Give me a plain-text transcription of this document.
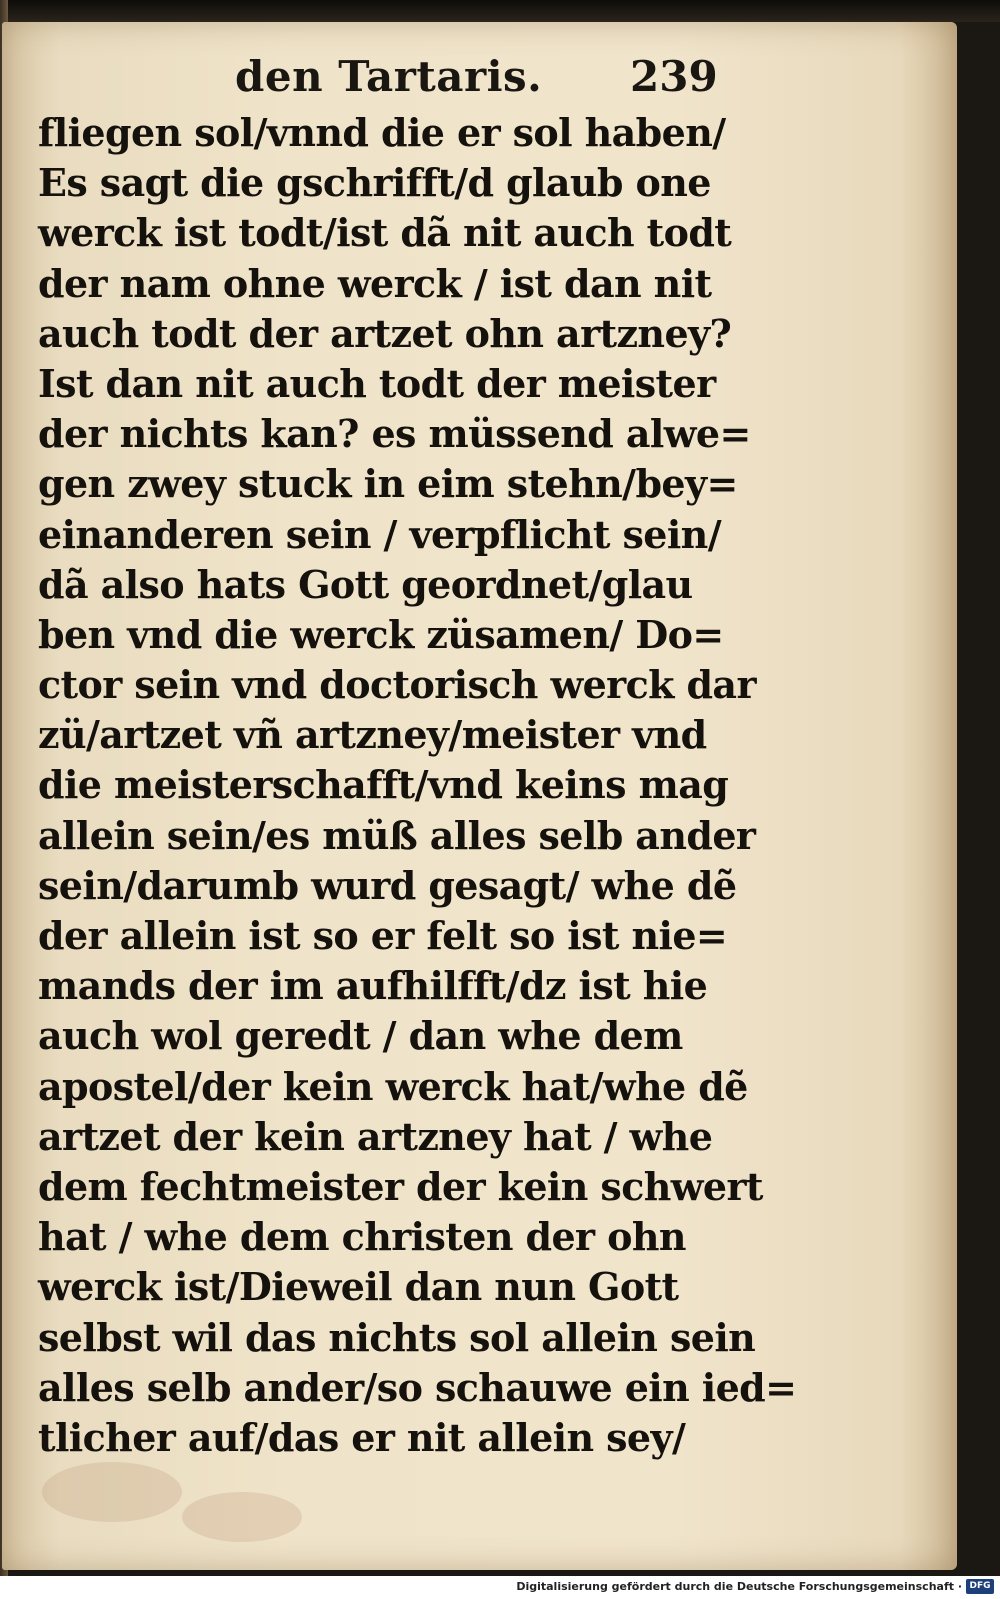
den Tartaris. 239
fliegen sol/vnnd die er sol haben/
Es sagt die gschrifft/d glaub one
werck ist todt/ist dã nit auch todt
der nam ohne werck / ist dan nit
auch todt der artzet ohn artzney?
Ist dan nit auch todt der meister
der nichts kan? es müssend alwe=
gen zwey stuck in eim stehn/bey=
einanderen sein / verpflicht sein/
dã also hats Gott geordnet/glau
ben vnd die werck züsamen/ Do=
ctor sein vnd doctorisch werck dar
zü/artzet vñ artzney/meister vnd
die meisterschafft/vnd keins mag
allein sein/es müß alles selb ander
sein/darumb wurd gesagt/ whe dẽ
der allein ist so er felt so ist nie=
mands der im aufhilfft/dz ist hie
auch wol geredt / dan whe dem
apostel/der kein werck hat/whe dẽ
artzet der kein artzney hat / whe
dem fechtmeister der kein schwert
hat / whe dem christen der ohn
werck ist/Dieweil dan nun Gott
selbst wil das nichts sol allein sein
alles selb ander/so schauwe ein ied=
tlicher auf/das er nit allein sey/
Digitalisierung gefördert durch die Deutsche Forschungsgemeinschaft · DFG
